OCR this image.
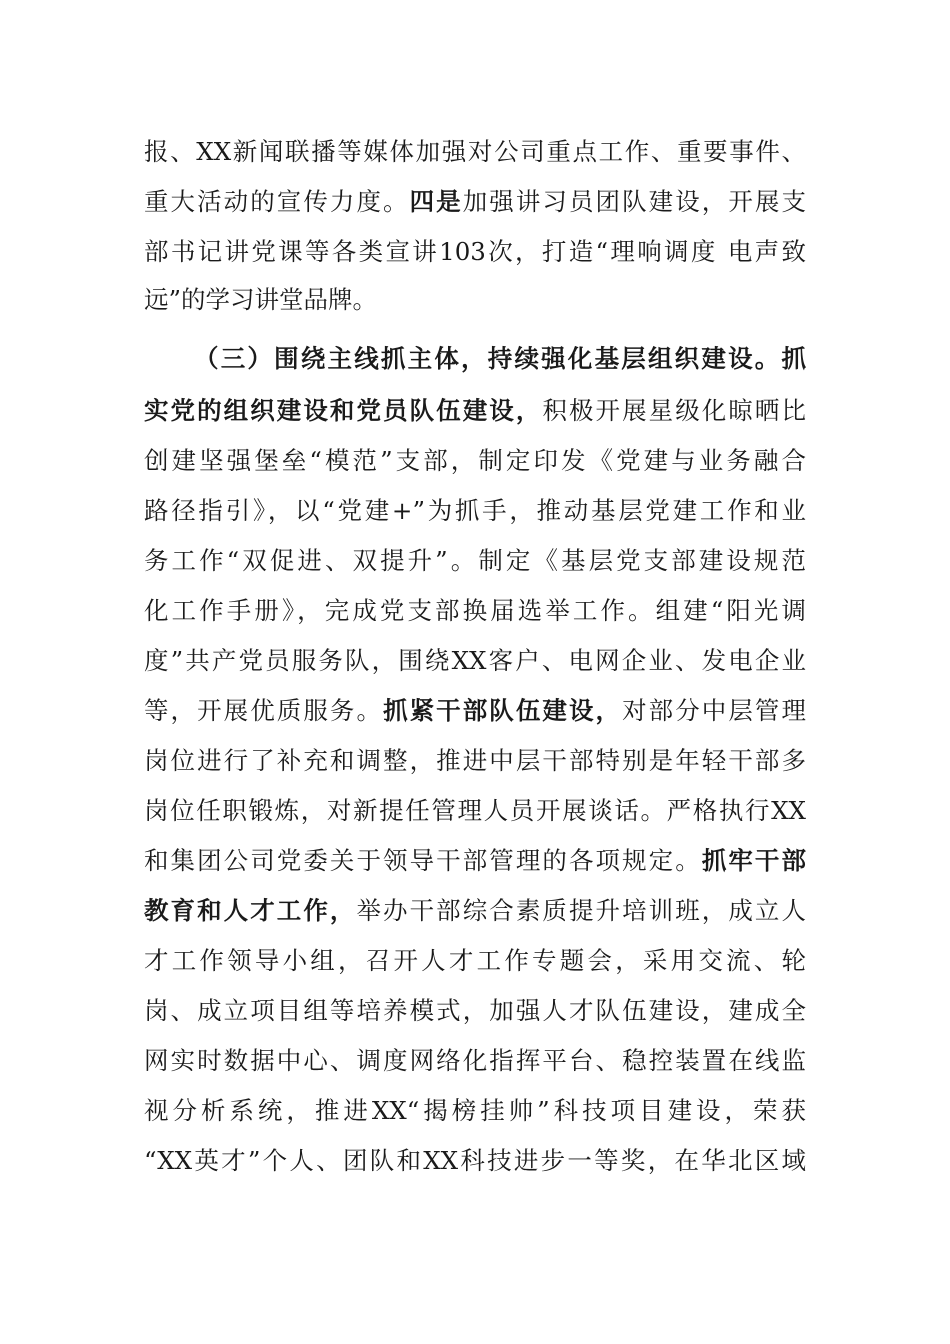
报、XX新闻联播等媒体加强对公司重点工作、重要事件、
重大活动的宣传力度。四是加强讲习员团队建设，开展支
部书记讲党课等各类宣讲103次，打造“理响调度 电声致
远”的学习讲堂品牌。
（三）围绕主线抓主体，持续强化基层组织建设。抓
实党的组织建设和党员队伍建设，积极开展星级化晾晒比
创建坚强堡垒“模范”支部，制定印发《党建与业务融合
路径指引》，以“党建+”为抓手，推动基层党建工作和业
务工作“双促进、双提升”。制定《基层党支部建设规范
化工作手册》，完成党支部换届选举工作。组建“阳光调
度”共产党员服务队，围绕XX客户、电网企业、发电企业
等，开展优质服务。抓紧干部队伍建设，对部分中层管理
岗位进行了补充和调整，推进中层干部特别是年轻干部多
岗位任职锻炼，对新提任管理人员开展谈话。严格执行XX
和集团公司党委关于领导干部管理的各项规定。抓牢干部
教育和人才工作，举办干部综合素质提升培训班，成立人
才工作领导小组，召开人才工作专题会，采用交流、轮
岗、成立项目组等培养模式，加强人才队伍建设，建成全
网实时数据中心、调度网络化指挥平台、稳控装置在线监
视分析系统，推进XX“揭榜挂帅”科技项目建设，荣获
“XX英才”个人、团队和XX科技进步一等奖，在华北区域
